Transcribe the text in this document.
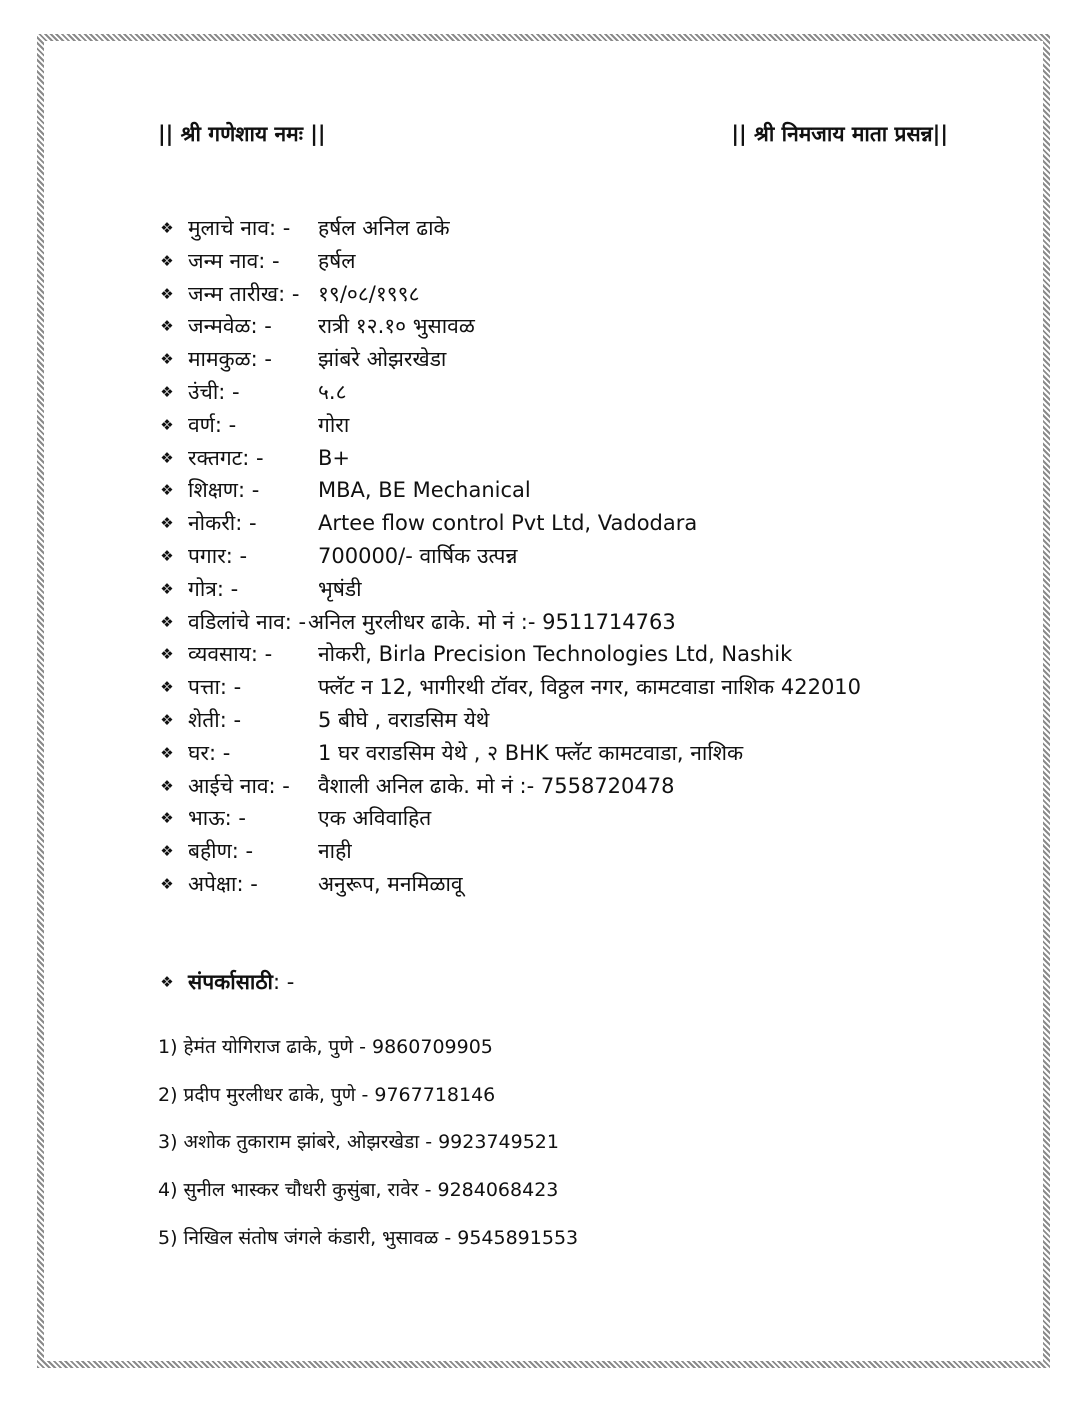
|| श्री गणेशाय नमः ||	|| श्री निमजाय माता प्रसन्न||
❖ मुलाचे नाव: - हर्षल अनिल ढाके
❖ जन्म नाव: - हर्षल
❖ जन्म तारीख: - १९/०८/१९९८
❖ जन्मवेळ: - रात्री १२.१० भुसावळ
❖ मामकुळ: - झांबरे ओझरखेडा
❖ उंची: -	५.८
❖ वर्ण: -	गोरा
❖ रक्तगट: -	B+
❖ शिक्षण: -	MBA, BE Mechanical
❖ नोकरी: -	Artee flow control Pvt Ltd, Vadodara
❖ पगार: -	700000/- वार्षिक उत्पन्न
❖ गोत्र: -	भृषंडी
❖ वडिलांचे नाव: - अनिल मुरलीधर ढाके. मो नं :- 9511714763
❖ व्यवसाय: - नोकरी, Birla Precision Technologies Ltd, Nashik
❖ पत्ता: -	फ्लॅट न 12, भागीरथी टॉवर, विठ्ठल नगर, कामटवाडा नाशिक 422010
❖ शेती: -	5 बीघे , वराडसिम येथे
❖ घर: -	1 घर वराडसिम येथे , २ BHK फ्लॅट कामटवाडा, नाशिक
❖ आईचे नाव: - वैशाली अनिल ढाके. मो नं :- 7558720478
❖ भाऊ: -	एक अविवाहित
❖ बहीण: -	नाही
❖ अपेक्षा: -	अनुरूप, मनमिळावू
❖ संपर्कासाठी: -
1) हेमंत योगिराज ढाके, पुणे - 9860709905
2) प्रदीप मुरलीधर ढाके, पुणे - 9767718146
3) अशोक तुकाराम झांबरे, ओझरखेडा - 9923749521
4) सुनील भास्कर चौधरी कुसुंबा, रावेर - 9284068423
5) निखिल संतोष जंगले कंडारी, भुसावळ - 9545891553
